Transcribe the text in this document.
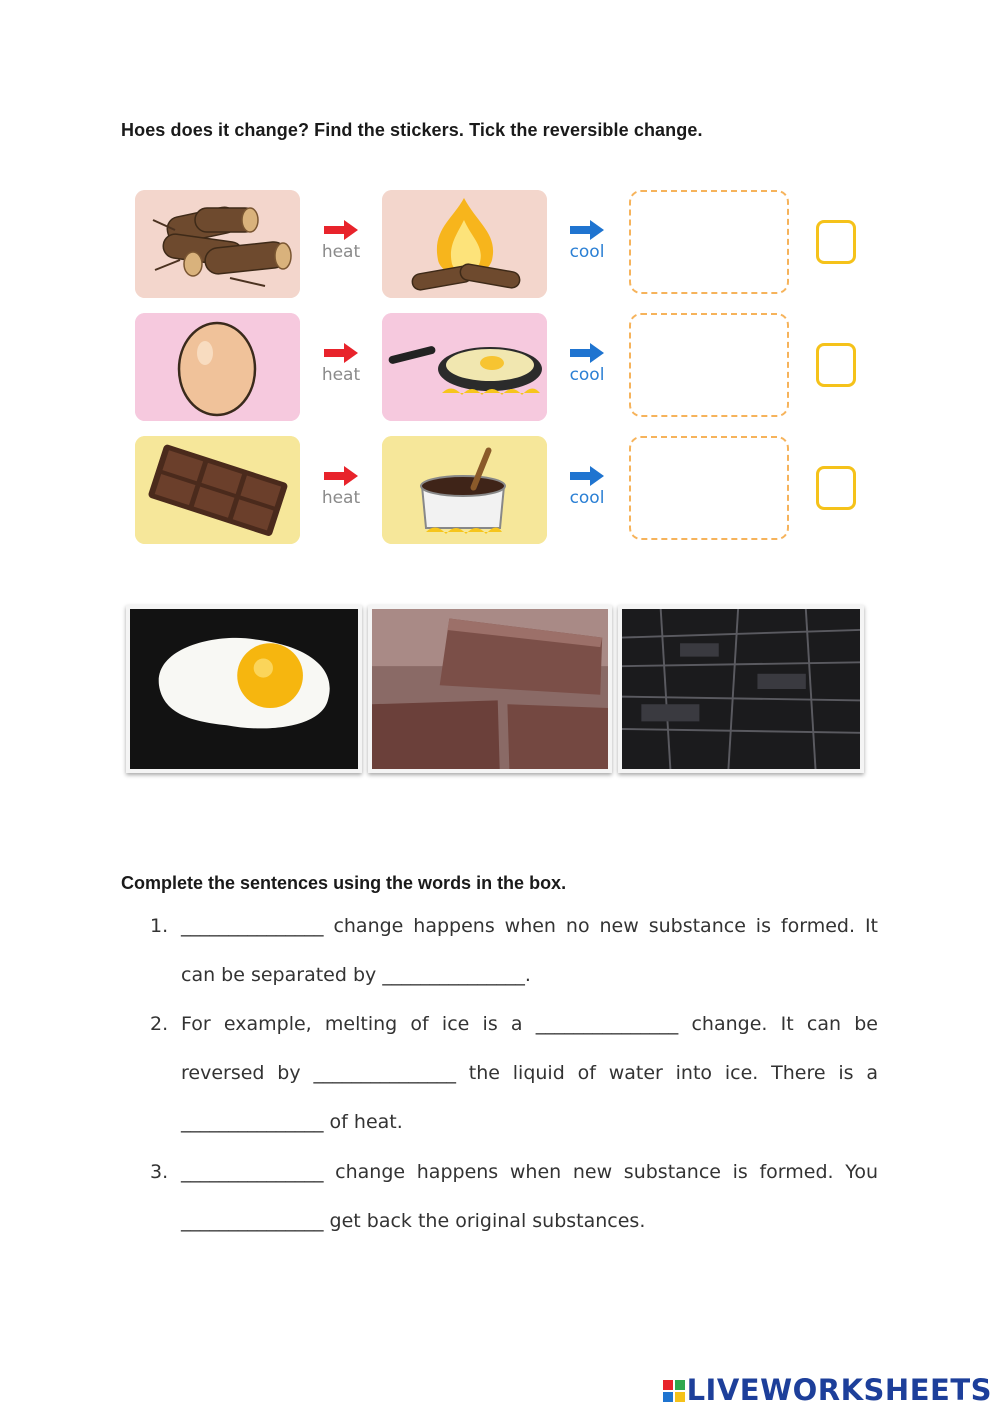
Hoes does it change? Find the stickers. Tick the reversible change.
heat	cool
heat	cool
heat	cool
Complete the sentences using the words in the box.
1. _______________ change happens when no new substance is formed. It can be separated by _______________.
2. For example, melting of ice is a _______________ change. It can be reversed by _______________ the liquid of water into ice. There is a _______________ of heat.
3. _______________ change happens when new substance is formed. You _______________ get back the original substances.
LIVEWORKSHEETS
